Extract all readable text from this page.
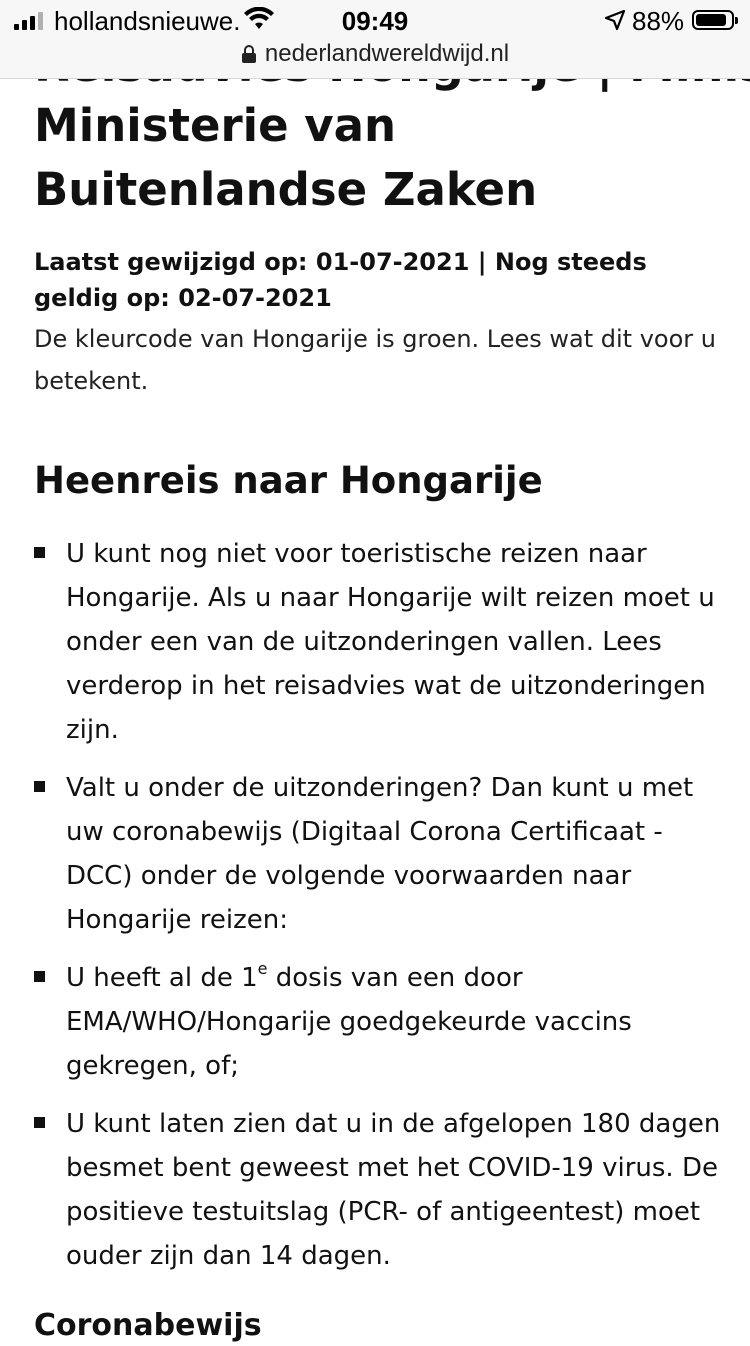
hollandsnieuwe.	09:49	88%
nederlandwereldwijd.nl
Ministerie van Buitenlandse Zaken

Laatst gewijzigd op: 01-07-2021 | Nog steeds geldig op: 02-07-2021

De kleurcode van Hongarije is groen. Lees wat dit voor u betekent.

Heenreis naar Hongarije
U kunt nog niet voor toeristische reizen naar Hongarije. Als u naar Hongarije wilt reizen moet u onder een van de uitzonderingen vallen. Lees verderop in het reisadvies wat de uitzonderingen zijn.
Valt u onder de uitzonderingen? Dan kunt u met uw coronabewijs (Digitaal Corona Certificaat - DCC) onder de volgende voorwaarden naar Hongarije reizen:
U heeft al de 1e dosis van een door EMA/WHO/Hongarije goedgekeurde vaccins gekregen, of;
U kunt laten zien dat u in de afgelopen 180 dagen besmet bent geweest met het COVID-19 virus. De positieve testuitslag (PCR- of antigeentest) moet ouder zijn dan 14 dagen.
Coronabewijs
